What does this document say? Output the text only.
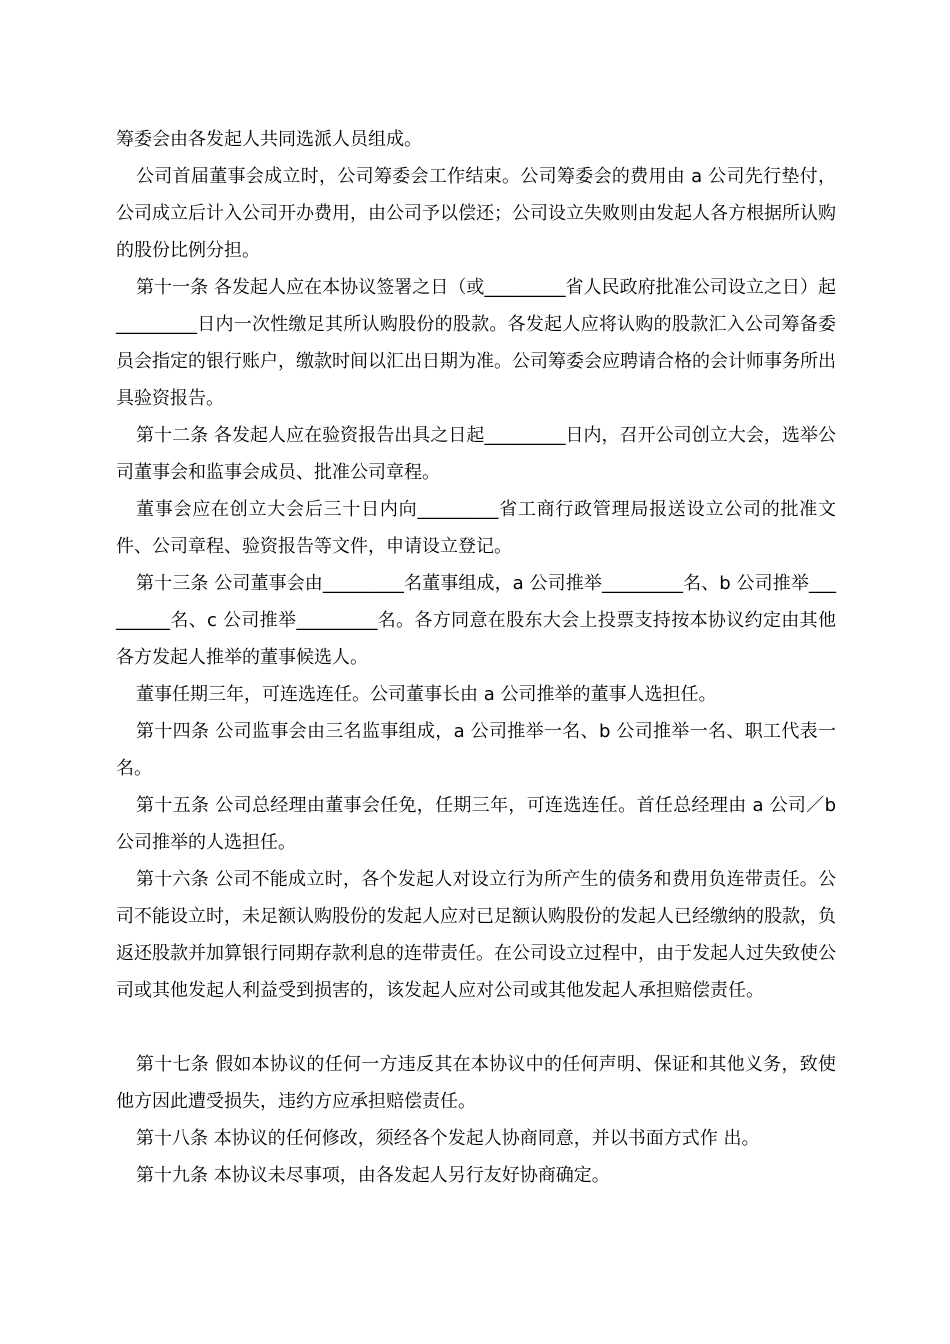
筹委会由各发起人共同选派人员组成。

公司首届董事会成立时，公司筹委会工作结束。公司筹委会的费用由 a 公司先行垫付，公司成立后计入公司开办费用，由公司予以偿还；公司设立失败则由发起人各方根据所认购的股份比例分担。

第十一条 各发起人应在本协议签署之日（或_________省人民政府批准公司设立之日）起_________日内一次性缴足其所认购股份的股款。各发起人应将认购的股款汇入公司筹备委员会指定的银行账户，缴款时间以汇出日期为准。公司筹委会应聘请合格的会计师事务所出具验资报告。

第十二条 各发起人应在验资报告出具之日起_________日内，召开公司创立大会，选举公司董事会和监事会成员、批准公司章程。

董事会应在创立大会后三十日内向_________省工商行政管理局报送设立公司的批准文件、公司章程、验资报告等文件，申请设立登记。

第十三条 公司董事会由_________名董事组成，a 公司推举_________名、b 公司推举_________名、c 公司推举_________名。各方同意在股东大会上投票支持按本协议约定由其他各方发起人推举的董事候选人。

董事任期三年，可连选连任。公司董事长由 a 公司推举的董事人选担任。

第十四条 公司监事会由三名监事组成，a 公司推举一名、b 公司推举一名、职工代表一名。

第十五条 公司总经理由董事会任免，任期三年，可连选连任。首任总经理由 a 公司／b 公司推举的人选担任。

第十六条 公司不能成立时，各个发起人对设立行为所产生的债务和费用负连带责任。公司不能设立时，未足额认购股份的发起人应对已足额认购股份的发起人已经缴纳的股款，负返还股款并加算银行同期存款利息的连带责任。在公司设立过程中，由于发起人过失致使公司或其他发起人利益受到损害的，该发起人应对公司或其他发起人承担赔偿责任。

第十七条 假如本协议的任何一方违反其在本协议中的任何声明、保证和其他义务，致使他方因此遭受损失，违约方应承担赔偿责任。

第十八条 本协议的任何修改，须经各个发起人协商同意，并以书面方式作 出。

第十九条 本协议未尽事项，由各发起人另行友好协商确定。
